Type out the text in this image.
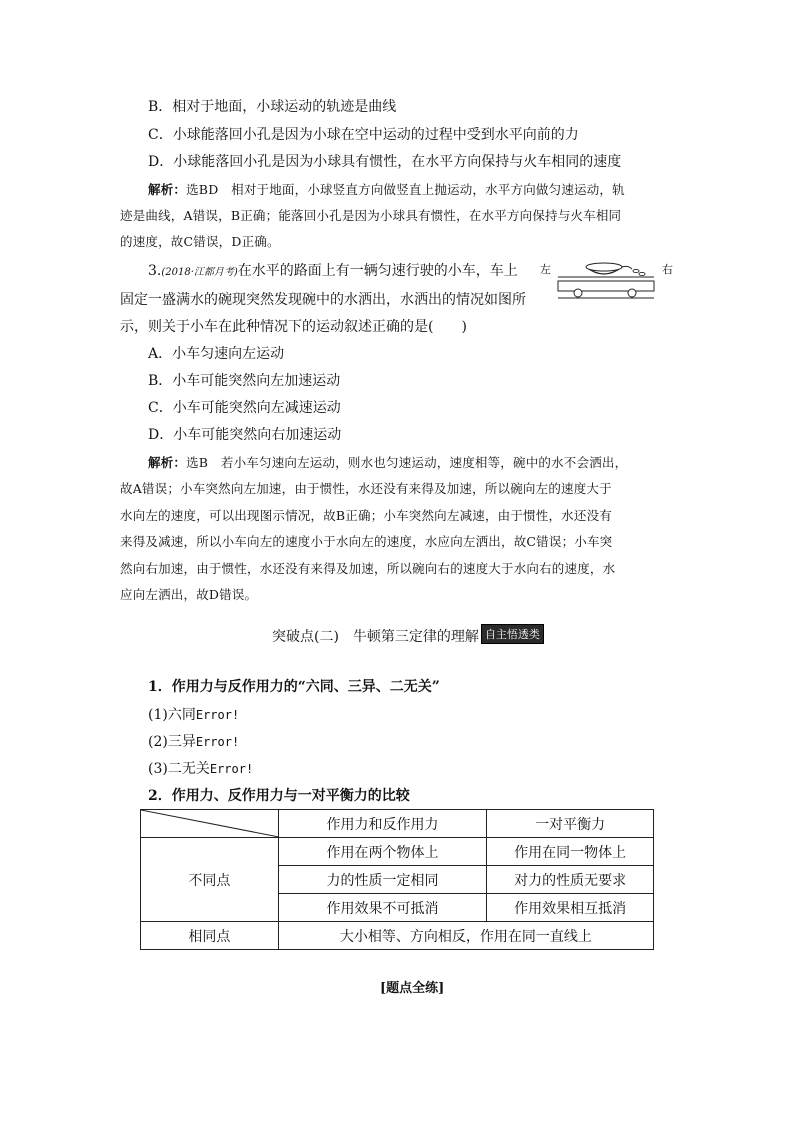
B．相对于地面，小球运动的轨迹是曲线
C．小球能落回小孔是因为小球在空中运动的过程中受到水平向前的力
D．小球能落回小孔是因为小球具有惯性，在水平方向保持与火车相同的速度
解析：选BD　相对于地面，小球竖直方向做竖直上抛运动，水平方向做匀速运动，轨
迹是曲线，A错误，B正确；能落回小孔是因为小球具有惯性，在水平方向保持与火车相同
的速度，故C错误，D正确。
3.(2018·江都月考)在水平的路面上有一辆匀速行驶的小车，车上
固定一盛满水的碗现突然发现碗中的水洒出，水洒出的情况如图所
示，则关于小车在此种情况下的运动叙述正确的是(　　)
左	右
A．小车匀速向左运动
B．小车可能突然向左加速运动
C．小车可能突然向左减速运动
D．小车可能突然向右加速运动
解析：选B　若小车匀速向左运动，则水也匀速运动，速度相等，碗中的水不会洒出，
故A错误；小车突然向左加速，由于惯性，水还没有来得及加速，所以碗向左的速度大于
水向左的速度，可以出现图示情况，故B正确；小车突然向左减速，由于惯性，水还没有
来得及减速，所以小车向左的速度小于水向左的速度，水应向左洒出，故C错误；小车突
然向右加速，由于惯性，水还没有来得及加速，所以碗向右的速度大于水向右的速度，水
应向左洒出，故D错误。
突破点(二)　牛顿第三定律的理解 自主悟透类
1．作用力与反作用力的“六同、三异、二无关”
(1)六同Error!
(2)三异Error!
(3)二无关Error!
2．作用力、反作用力与一对平衡力的比较
	作用力和反作用力	一对平衡力
不同点	作用在两个物体上	作用在同一物体上
	力的性质一定相同	对力的性质无要求
	作用效果不可抵消	作用效果相互抵消
相同点	大小相等、方向相反，作用在同一直线上	
[题点全练]
